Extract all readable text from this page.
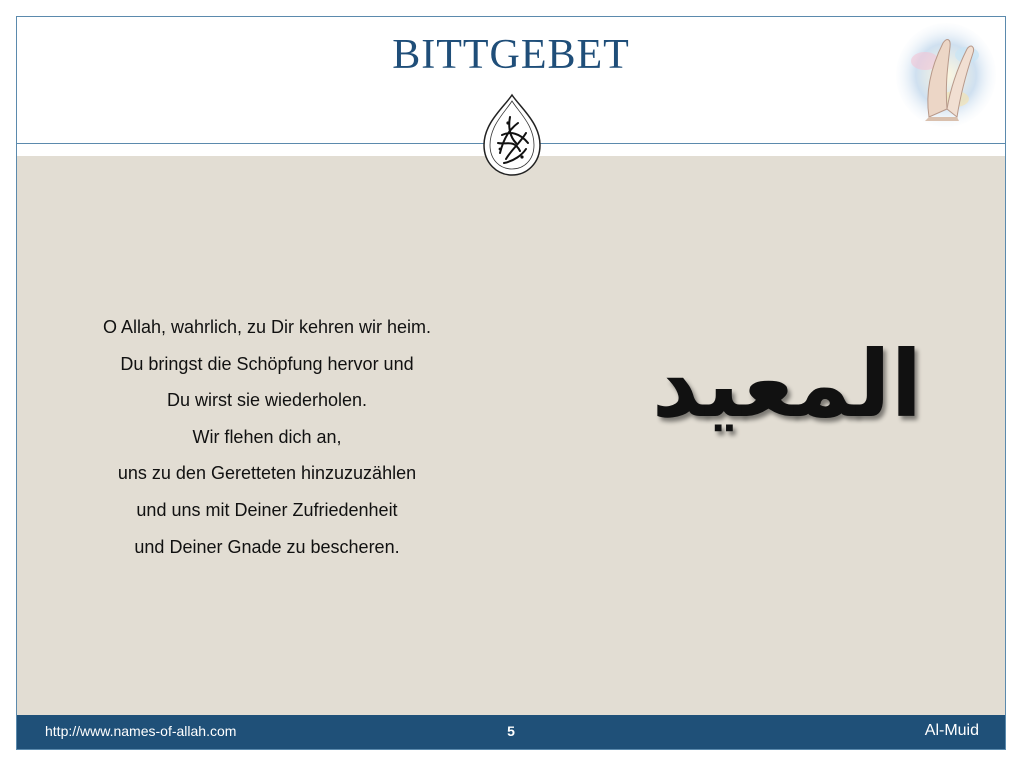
BITTGEBET

O Allah, wahrlich, zu Dir kehren wir heim.

Du bringst die Schöpfung hervor und

Du wirst sie wiederholen.

Wir flehen dich an,

uns zu den Geretteten hinzuzuzählen

und uns mit Deiner Zufriedenheit

und Deiner Gnade zu bescheren.

المعيد
http://www.names-of-allah.com	5	Al-Muid
